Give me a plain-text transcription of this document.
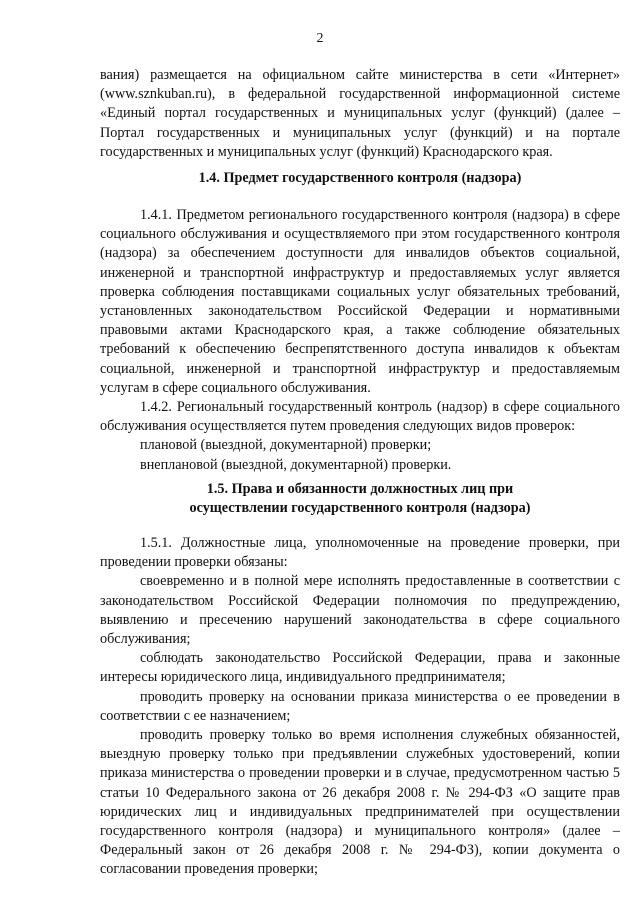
2
вания) размещается на официальном сайте министерства в сети «Интернет» (www.sznkuban.ru), в федеральной государственной информационной системе «Единый портал государственных и муниципальных услуг (функций) (далее – Портал государственных и муниципальных услуг (функций) и на портале государственных и муниципальных услуг (функций) Краснодарского края.
1.4. Предмет государственного контроля (надзора)

1.4.1. Предметом регионального государственного контроля (надзора) в сфере социального обслуживания и осуществляемого при этом государственного контроля (надзора) за обеспечением доступности для инвалидов объектов социальной, инженерной и транспортной инфраструктур и предоставляемых услуг является проверка соблюдения поставщиками социальных услуг обязательных требований, установленных законодательством Российской Федерации и нормативными правовыми актами Краснодарского края, а также соблюдение обязательных требований к обеспечению беспрепятственного доступа инвалидов к объектам социальной, инженерной и транспортной инфраструктур и предоставляемым услугам в сфере социального обслуживания.

1.4.2. Региональный государственный контроль (надзор) в сфере социального обслуживания осуществляется путем проведения следующих видов проверок:

плановой (выездной, документарной) проверки;
внеплановой (выездной, документарной) проверки.
1.5. Права и обязанности должностных лиц при
осуществлении государственного контроля (надзора)

1.5.1. Должностные лица, уполномоченные на проведение проверки, при проведении проверки обязаны:

своевременно и в полной мере исполнять предоставленные в соответствии с законодательством Российской Федерации полномочия по предупреждению, выявлению и пресечению нарушений законодательства в сфере социального обслуживания;

соблюдать законодательство Российской Федерации, права и законные интересы юридического лица, индивидуального предпринимателя;

проводить проверку на основании приказа министерства о ее проведении в соответствии с ее назначением;

проводить проверку только во время исполнения служебных обязанностей, выездную проверку только при предъявлении служебных удостоверений, копии приказа министерства о проведении проверки и в случае, предусмотренном частью 5 статьи 10 Федерального закона от 26 декабря 2008 г. № 294-ФЗ «О защите прав юридических лиц и индивидуальных предпринимателей при осуществлении государственного контроля (надзора) и муниципального контроля» (далее – Федеральный закон от 26 декабря 2008 г. № 294-ФЗ), копии документа о согласовании проведения проверки;
